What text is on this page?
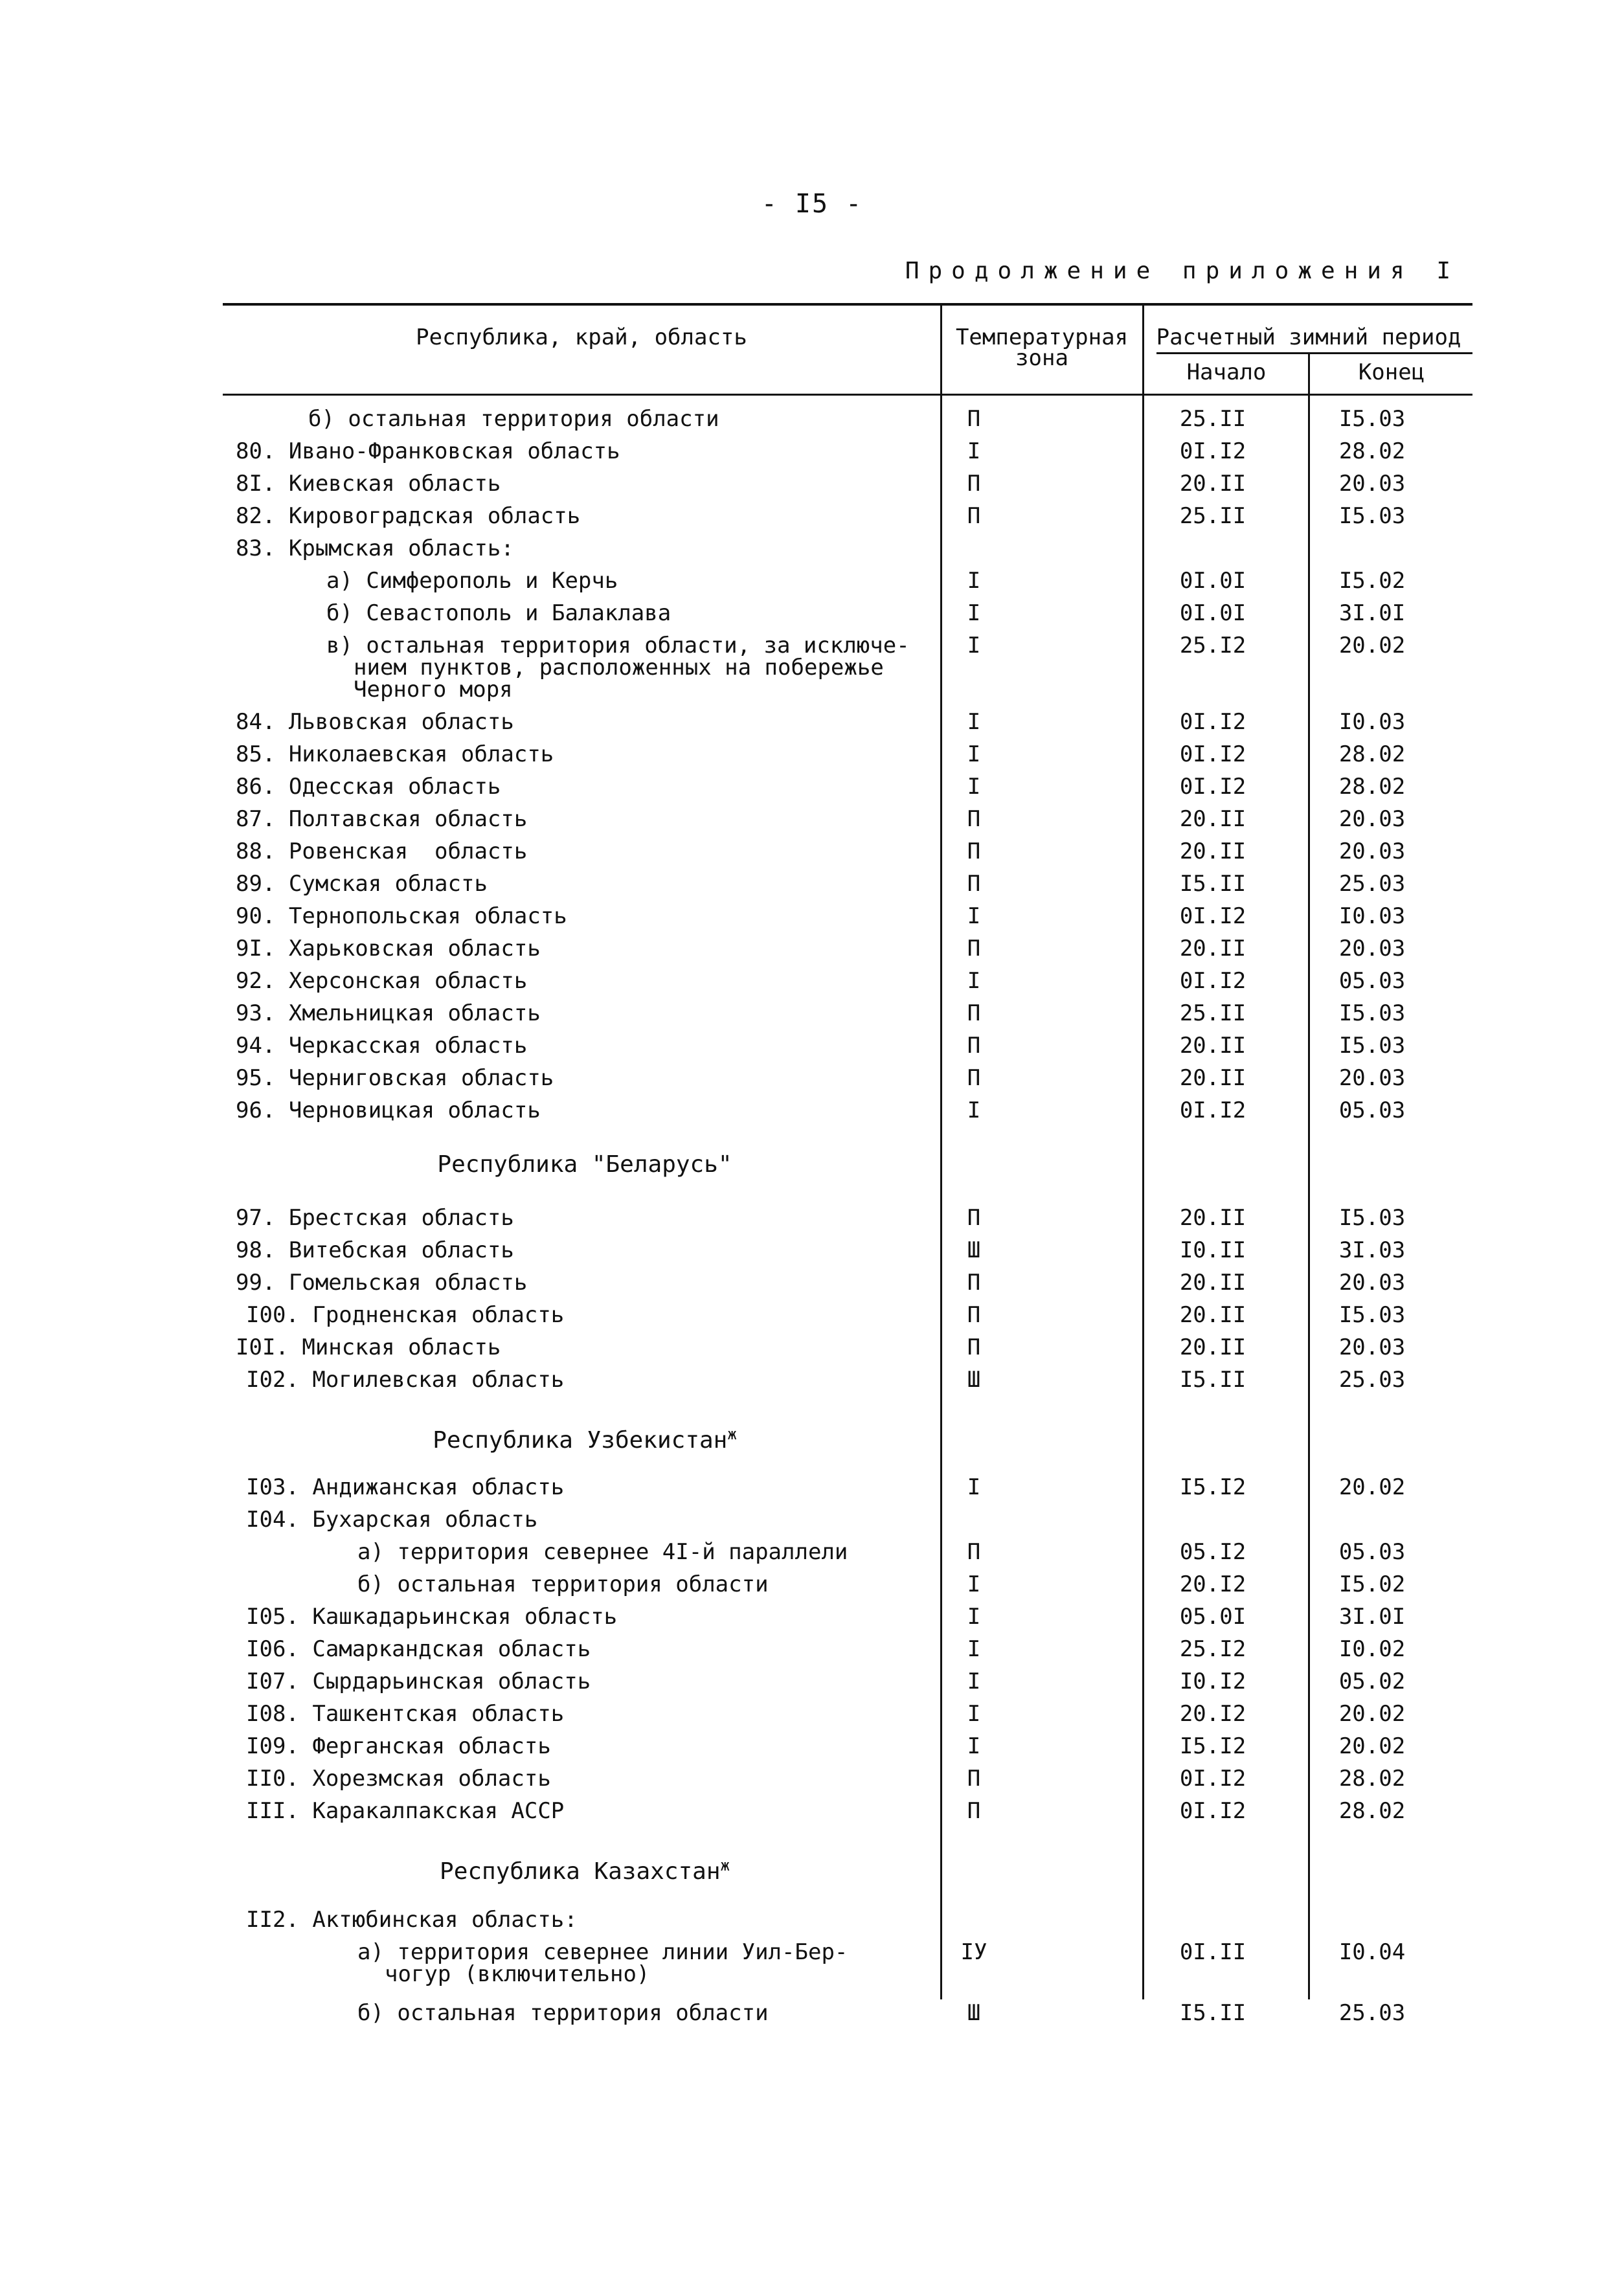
- I5 -
Продолжение приложения I
Республика, край, область	Температурная
зона
Расчетный зимний период
Начало	Конец
б) остальная территория области	П	25.II	I5.03
80. Ивано-Франковская область	I	0I.I2	28.02
8I. Киевская область	П	20.II	20.03
82. Кировоградская область	П	25.II	I5.03
83. Крымская область:
а) Симферополь и Керчь	I	0I.0I	I5.02
б) Севастополь и Балаклава	I	0I.0I	3I.0I
в) остальная территория области, за исключе-	I	25.I2	20.02
нием пунктов, расположенных на побережье
Черного моря
84. Львовская область	I	0I.I2	I0.03
85. Николаевская область	I	0I.I2	28.02
86. Одесская область	I	0I.I2	28.02
87. Полтавская область	П	20.II	20.03
88. Ровенская  область	П	20.II	20.03
89. Сумская область	П	I5.II	25.03
90. Тернопольская область	I	0I.I2	I0.03
9I. Харьковская область	П	20.II	20.03
92. Херсонская область	I	0I.I2	05.03
93. Хмельницкая область	П	25.II	I5.03
94. Черкасская область	П	20.II	I5.03
95. Черниговская область	П	20.II	20.03
96. Черновицкая область	I	0I.I2	05.03
Республика "Беларусь"
97. Брестская область	П	20.II	I5.03
98. Витебская область	Ш	I0.II	3I.03
99. Гомельская область	П	20.II	20.03
I00. Гродненская область	П	20.II	I5.03
I0I. Минская область	П	20.II	20.03
I02. Могилевская область	Ш	I5.II	25.03
Республика Узбекистан$^ж$
I03. Андижанская область	I	I5.I2	20.02
I04. Бухарская область
а) территория севернее 4I-й параллели	П	05.I2	05.03
б) остальная территория области	I	20.I2	I5.02
I05. Кашкадарьинская область	I	05.0I	3I.0I
I06. Самаркандская область	I	25.I2	I0.02
I07. Сырдарьинская область	I	I0.I2	05.02
I08. Ташкентская область	I	20.I2	20.02
I09. Ферганская область	I	I5.I2	20.02
II0. Хорезмская область	П	0I.I2	28.02
III. Каракалпакская АССР	П	0I.I2	28.02
Республика Казахстан$^ж$
II2. Актюбинская область:
а) территория севернее линии Уил-Бер-	IУ	0I.II	I0.04
чогур (включительно)
б) остальная территория области	Ш	I5.II	25.03
